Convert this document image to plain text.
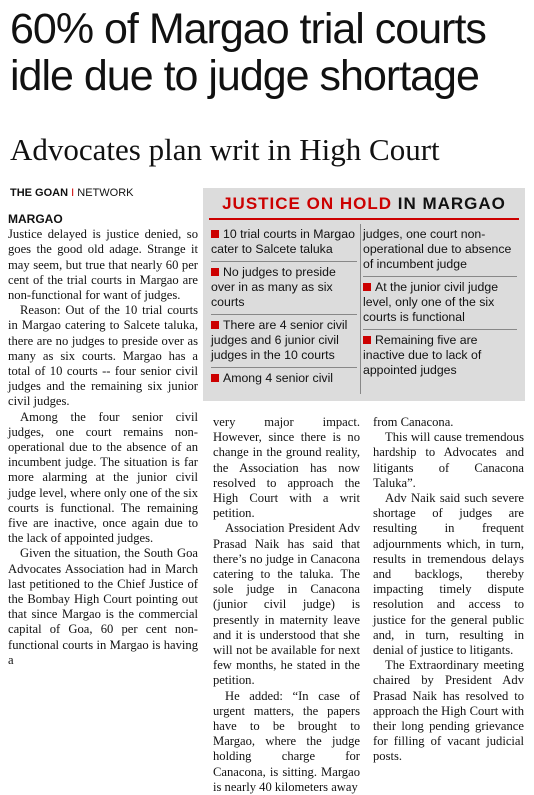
60% of Margao trial courts idle due to judge shortage
Advocates plan writ in High Court
THE GOAN I NETWORK
JUSTICE ON HOLD IN MARGAO
10 trial courts in Margao cater to Salcete taluka
No judges to preside over in as many as six courts
There are 4 senior civil judges and 6 junior civil judges in the 10 courts
Among 4 senior civil
judges, one court non-operational due to absence of incumbent judge
At the junior civil judge level, only one of the six courts is functional
Remaining five are inactive due to lack of appointed judges

MARGAO

Justice delayed is justice denied, so goes the good old adage. Strange it may seem, but true that nearly 60 per cent of the trial courts in Margao are non-functional for want of judges.

Reason: Out of the 10 trial courts in Margao catering to Salcete taluka, there are no judges to preside over as many as six courts. Margao has a total of 10 courts -- four senior civil judges and the remaining six junior civil judges.

Among the four senior civil judges, one court remains non-operational due to the absence of an incumbent judge. The situation is far more alarming at the junior civil judge level, where only one of the six courts is functional. The remaining five are inactive, once again due to the lack of appointed judges.

Given the situation, the South Goa Advocates Association had in March last petitioned to the Chief Justice of the Bombay High Court pointing out that since Margao is the commercial capital of Goa, 60 per cent non-functional courts in Margao is having a

very major impact. However, since there is no change in the ground reality, the Association has now resolved to approach the High Court with a writ petition.

Association President Adv Prasad Naik has said that there’s no judge in Canacona catering to the taluka. The sole judge in Canacona (junior civil judge) is presently in maternity leave and it is understood that she will not be available for next few months, he stated in the petition.

He added: “In case of urgent matters, the papers have to be brought to Margao, where the judge holding charge for Canacona, is sitting. Margao is nearly 40 kilometers away

from Canacona.

This will cause tremendous hardship to Advocates and litigants of Canacona Taluka”.

Adv Naik said such severe shortage of judges are resulting in frequent adjournments which, in turn, results in tremendous delays and backlogs, thereby impacting timely dispute resolution and access to justice for the general public and, in turn, resulting in denial of justice to litigants.

The Extraordinary meeting chaired by President Adv Prasad Naik has resolved to approach the High Court with their long pending grievance for filling of vacant judicial posts.
